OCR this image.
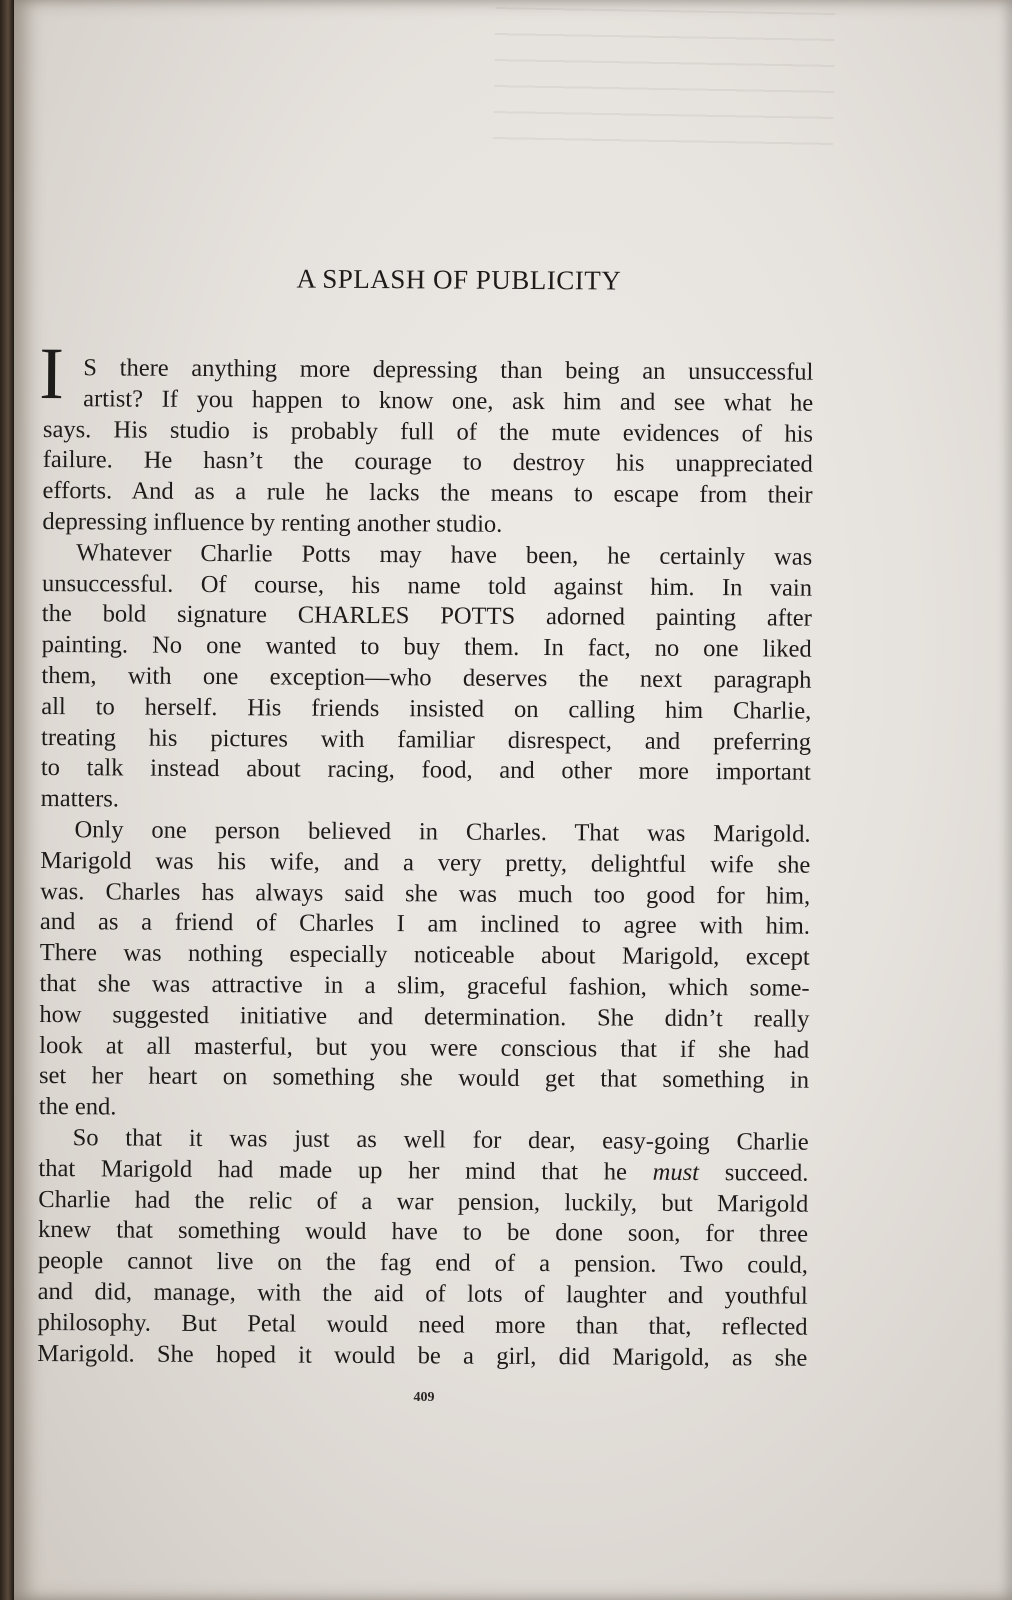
A SPLASH OF PUBLICITY
I S there anything more depressing than being an unsuccessful
artist? If you happen to know one, ask him and see what he
says. His studio is probably full of the mute evidences of his
failure. He hasn’t the courage to destroy his unappreciated
efforts. And as a rule he lacks the means to escape from their
depressing influence by renting another studio.

Whatever Charlie Potts may have been, he certainly was
unsuccessful. Of course, his name told against him. In vain
the bold signature CHARLES POTTS adorned painting after
painting. No one wanted to buy them. In fact, no one liked
them, with one exception—who deserves the next paragraph
all to herself. His friends insisted on calling him Charlie,
treating his pictures with familiar disrespect, and preferring
to talk instead about racing, food, and other more important
matters.

Only one person believed in Charles. That was Marigold.
Marigold was his wife, and a very pretty, delightful wife she
was. Charles has always said she was much too good for him,
and as a friend of Charles I am inclined to agree with him.
There was nothing especially noticeable about Marigold, except
that she was attractive in a slim, graceful fashion, which some-
how suggested initiative and determination. She didn’t really
look at all masterful, but you were conscious that if she had
set her heart on something she would get that something in
the end.

So that it was just as well for dear, easy-going Charlie
that Marigold had made up her mind that he must succeed.
Charlie had the relic of a war pension, luckily, but Marigold
knew that something would have to be done soon, for three
people cannot live on the fag end of a pension. Two could,
and did, manage, with the aid of lots of laughter and youthful
philosophy. But Petal would need more than that, reflected
Marigold. She hoped it would be a girl, did Marigold, as she

409
